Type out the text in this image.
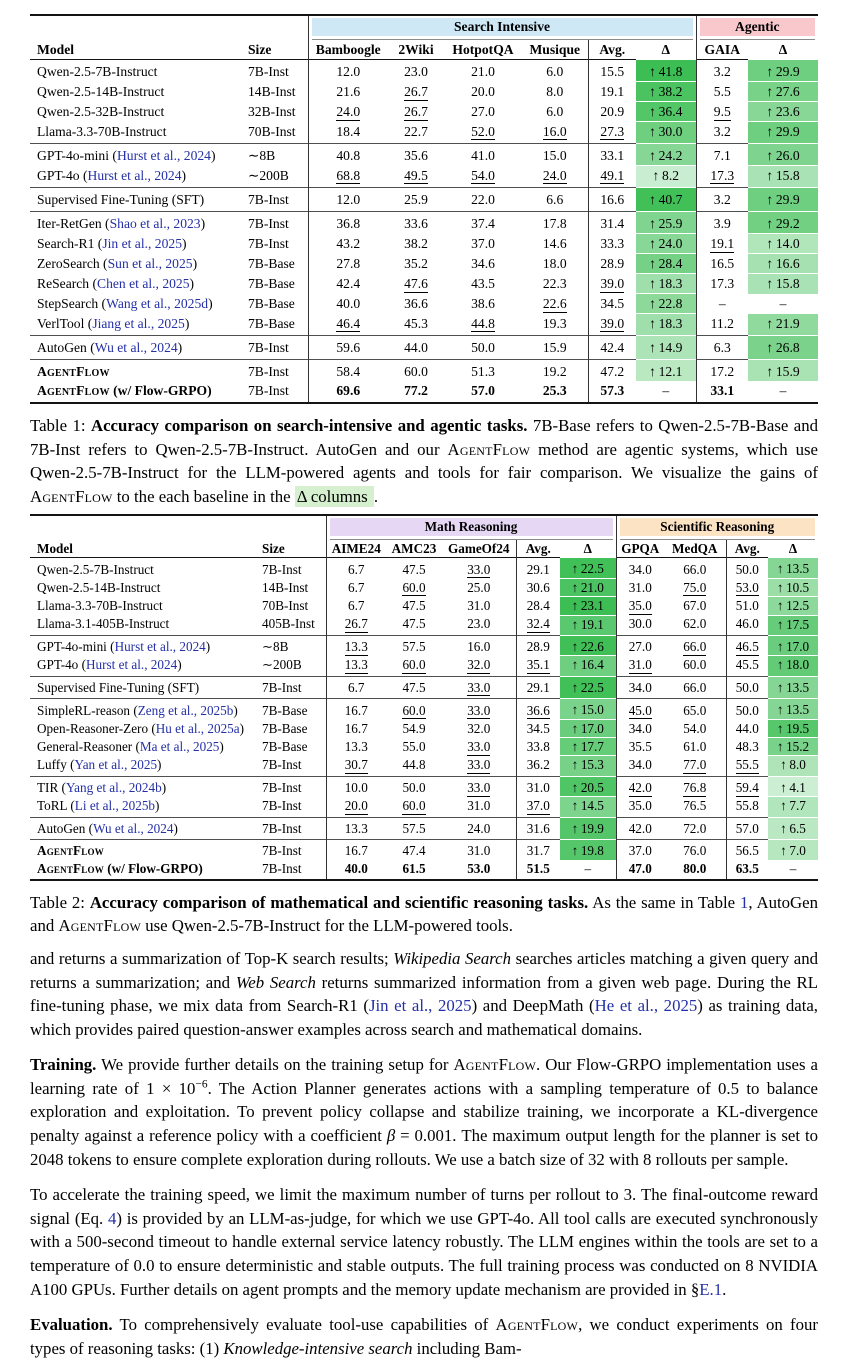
		Search Intensive						Agentic	

Model	Size	Bamboogle	2Wiki	HotpotQA	Musique	Avg.	Δ	GAIA	Δ
Qwen-2.5-7B-Instruct	7B-Inst	12.0	23.0	21.0	6.0	15.5	↑ 41.8	3.2	↑ 29.9
Qwen-2.5-14B-Instruct	14B-Inst	21.6	26.7	20.0	8.0	19.1	↑ 38.2	5.5	↑ 27.6
Qwen-2.5-32B-Instruct	32B-Inst	24.0	26.7	27.0	6.0	20.9	↑ 36.4	9.5	↑ 23.6
Llama-3.3-70B-Instruct	70B-Inst	18.4	22.7	52.0	16.0	27.3	↑ 30.0	3.2	↑ 29.9
GPT-4o-mini (Hurst et al., 2024)	∼8B	40.8	35.6	41.0	15.0	33.1	↑ 24.2	7.1	↑ 26.0
GPT-4o (Hurst et al., 2024)	∼200B	68.8	49.5	54.0	24.0	49.1	↑ 8.2	17.3	↑ 15.8
Supervised Fine-Tuning (SFT)	7B-Inst	12.0	25.9	22.0	6.6	16.6	↑ 40.7	3.2	↑ 29.9
Iter-RetGen (Shao et al., 2023)	7B-Inst	36.8	33.6	37.4	17.8	31.4	↑ 25.9	3.9	↑ 29.2
Search-R1 (Jin et al., 2025)	7B-Inst	43.2	38.2	37.0	14.6	33.3	↑ 24.0	19.1	↑ 14.0
ZeroSearch (Sun et al., 2025)	7B-Base	27.8	35.2	34.6	18.0	28.9	↑ 28.4	16.5	↑ 16.6
ReSearch (Chen et al., 2025)	7B-Base	42.4	47.6	43.5	22.3	39.0	↑ 18.3	17.3	↑ 15.8
StepSearch (Wang et al., 2025d)	7B-Base	40.0	36.6	38.6	22.6	34.5	↑ 22.8	–	–
VerlTool (Jiang et al., 2025)	7B-Base	46.4	45.3	44.8	19.3	39.0	↑ 18.3	11.2	↑ 21.9
AutoGen (Wu et al., 2024)	7B-Inst	59.6	44.0	50.0	15.9	42.4	↑ 14.9	6.3	↑ 26.8
AgentFlow	7B-Inst	58.4	60.0	51.3	19.2	47.2	↑ 12.1	17.2	↑ 15.9
AgentFlow (w/ Flow-GRPO)	7B-Inst	69.6	77.2	57.0	25.3	57.3	–	33.1	–

Table 1: Accuracy comparison on search-intensive and agentic tasks. 7B-Base refers to Qwen-2.5-7B-Base and 7B-Inst refers to Qwen-2.5-7B-Instruct. AutoGen and our AgentFlow method are agentic systems, which use Qwen-2.5-7B-Instruct for the LLM-powered agents and tools for fair comparison. We visualize the gains of AgentFlow to the each baseline in the Δ columns .

		Math Reasoning					Scientific Reasoning			

Model	Size	AIME24	AMC23	GameOf24	Avg.	Δ	GPQA	MedQA	Avg.	Δ
Qwen-2.5-7B-Instruct	7B-Inst	6.7	47.5	33.0	29.1	↑ 22.5	34.0	66.0	50.0	↑ 13.5
Qwen-2.5-14B-Instruct	14B-Inst	6.7	60.0	25.0	30.6	↑ 21.0	31.0	75.0	53.0	↑ 10.5
Llama-3.3-70B-Instruct	70B-Inst	6.7	47.5	31.0	28.4	↑ 23.1	35.0	67.0	51.0	↑ 12.5
Llama-3.1-405B-Instruct	405B-Inst	26.7	47.5	23.0	32.4	↑ 19.1	30.0	62.0	46.0	↑ 17.5
GPT-4o-mini (Hurst et al., 2024)	∼8B	13.3	57.5	16.0	28.9	↑ 22.6	27.0	66.0	46.5	↑ 17.0
GPT-4o (Hurst et al., 2024)	∼200B	13.3	60.0	32.0	35.1	↑ 16.4	31.0	60.0	45.5	↑ 18.0
Supervised Fine-Tuning (SFT)	7B-Inst	6.7	47.5	33.0	29.1	↑ 22.5	34.0	66.0	50.0	↑ 13.5
SimpleRL-reason (Zeng et al., 2025b)	7B-Base	16.7	60.0	33.0	36.6	↑ 15.0	45.0	65.0	50.0	↑ 13.5
Open-Reasoner-Zero (Hu et al., 2025a)	7B-Base	16.7	54.9	32.0	34.5	↑ 17.0	34.0	54.0	44.0	↑ 19.5
General-Reasoner (Ma et al., 2025)	7B-Base	13.3	55.0	33.0	33.8	↑ 17.7	35.5	61.0	48.3	↑ 15.2
Luffy (Yan et al., 2025)	7B-Inst	30.7	44.8	33.0	36.2	↑ 15.3	34.0	77.0	55.5	↑ 8.0
TIR (Yang et al., 2024b)	7B-Inst	10.0	50.0	33.0	31.0	↑ 20.5	42.0	76.8	59.4	↑ 4.1
ToRL (Li et al., 2025b)	7B-Inst	20.0	60.0	31.0	37.0	↑ 14.5	35.0	76.5	55.8	↑ 7.7
AutoGen (Wu et al., 2024)	7B-Inst	13.3	57.5	24.0	31.6	↑ 19.9	42.0	72.0	57.0	↑ 6.5
AgentFlow	7B-Inst	16.7	47.4	31.0	31.7	↑ 19.8	37.0	76.0	56.5	↑ 7.0
AgentFlow (w/ Flow-GRPO)	7B-Inst	40.0	61.5	53.0	51.5	–	47.0	80.0	63.5	–

Table 2: Accuracy comparison of mathematical and scientific reasoning tasks. As the same in Table 1, AutoGen and AgentFlow use Qwen-2.5-7B-Instruct for the LLM-powered tools.

and returns a summarization of Top-K search results; Wikipedia Search searches articles matching a given query and returns a summarization; and Web Search returns summarized information from a given web page. During the RL fine-tuning phase, we mix data from Search-R1 (Jin et al., 2025) and DeepMath (He et al., 2025) as training data, which provides paired question-answer examples across search and mathematical domains.

Training. We provide further details on the training setup for AgentFlow. Our Flow-GRPO implementation uses a learning rate of $1 \times 10^{-6}$. The Action Planner generates actions with a sampling temperature of 0.5 to balance exploration and exploitation. To prevent policy collapse and stabilize training, we incorporate a KL-divergence penalty against a reference policy with a coefficient β = 0.001. The maximum output length for the planner is set to 2048 tokens to ensure complete exploration during rollouts. We use a batch size of 32 with 8 rollouts per sample.

To accelerate the training speed, we limit the maximum number of turns per rollout to 3. The final-outcome reward signal (Eq. 4) is provided by an LLM-as-judge, for which we use GPT-4o. All tool calls are executed synchronously with a 500-second timeout to handle external service latency robustly. The LLM engines within the tools are set to a temperature of 0.0 to ensure deterministic and stable outputs. The full training process was conducted on 8 NVIDIA A100 GPUs. Further details on agent prompts and the memory update mechanism are provided in §E.1.

Evaluation. To comprehensively evaluate tool-use capabilities of AgentFlow, we conduct experiments on four types of reasoning tasks: (1) Knowledge-intensive search including Bam-
